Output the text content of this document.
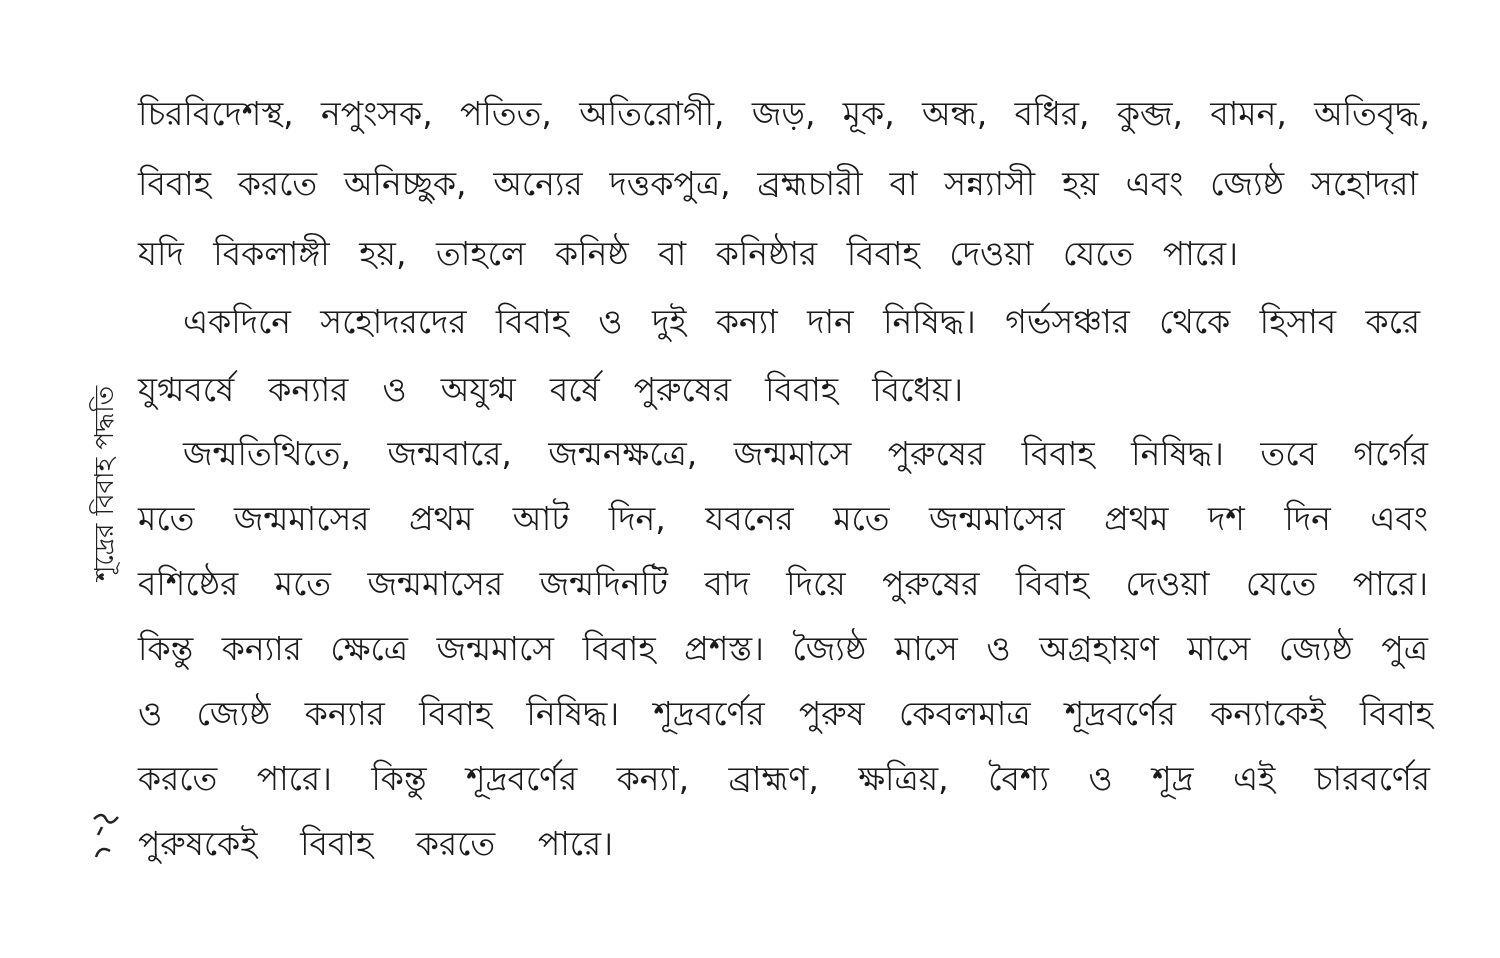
চিরবিদেশস্থ, নপুংসক, পতিত, অতিরোগী, জড়, মূক, অন্ধ, বধির, কুব্জ, বামন, অতিবৃদ্ধ,
বিবাহ করতে অনিচ্ছুক, অন্যের দত্তকপুত্র, ব্রহ্মচারী বা সন্ন্যাসী হয় এবং জ্যেষ্ঠ সহোদরা
যদি বিকলাঙ্গী হয়, তাহলে কনিষ্ঠ বা কনিষ্ঠার বিবাহ দেওয়া যেতে পারে।
একদিনে সহোদরদের বিবাহ ও দুই কন্যা দান নিষিদ্ধ। গর্ভসঞ্চার থেকে হিসাব করে
যুগ্মবর্ষে কন্যার ও অযুগ্ম বর্ষে পুরুষের বিবাহ বিধেয়।
জন্মতিথিতে, জন্মবারে, জন্মনক্ষত্রে, জন্মমাসে পুরুষের বিবাহ নিষিদ্ধ। তবে গর্গের
মতে জন্মমাসের প্রথম আট দিন, যবনের মতে জন্মমাসের প্রথম দশ দিন এবং
বশিষ্ঠের মতে জন্মমাসের জন্মদিনটি বাদ দিয়ে পুরুষের বিবাহ দেওয়া যেতে পারে।
কিন্তু কন্যার ক্ষেত্রে জন্মমাসে বিবাহ প্রশস্ত। জ্যৈষ্ঠ মাসে ও অগ্রহায়ণ মাসে জ্যেষ্ঠ পুত্র
ও জ্যেষ্ঠ কন্যার বিবাহ নিষিদ্ধ। শূদ্রবর্ণের পুরুষ কেবলমাত্র শূদ্রবর্ণের কন্যাকেই বিবাহ
করতে পারে। কিন্তু শূদ্রবর্ণের কন্যা, ব্রাহ্মণ, ক্ষত্রিয়, বৈশ্য ও শূদ্র এই চারবর্ণের
পুরুষকেই বিবাহ করতে পারে।
শূদ্রের বিবাহ পদ্ধতি
